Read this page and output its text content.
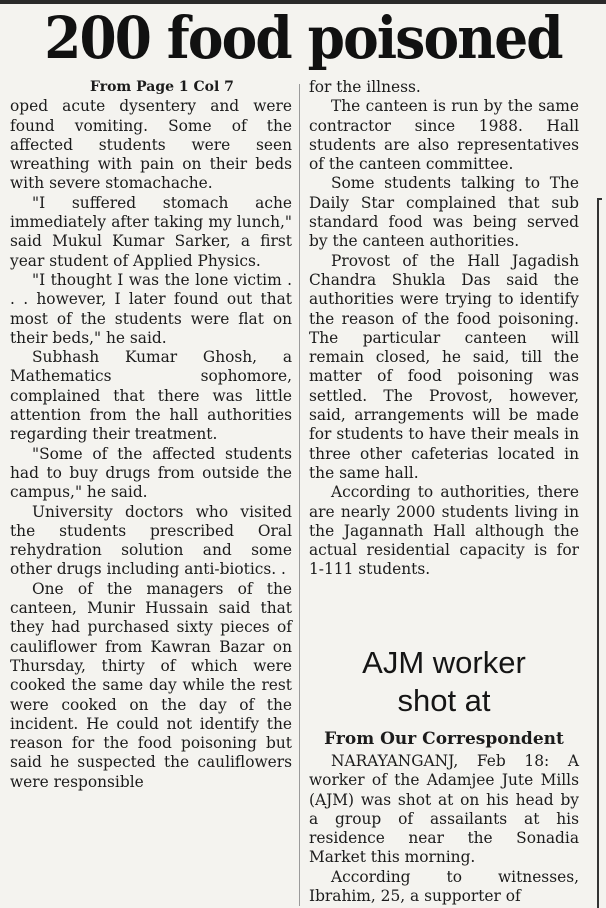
200 food poisoned

From Page 1 Col 7

oped acute dysentery and were found vomiting. Some of the affected students were seen wreathing with pain on their beds with severe stomachache.

"I suffered stomach ache immediately after taking my lunch," said Mukul Kumar Sarker, a first year student of Applied Physics.

"I thought I was the lone victim . . . however, I later found out that most of the students were flat on their beds," he said.

Subhash Kumar Ghosh, a Mathematics sophomore, complained that there was little attention from the hall authorities regarding their treatment.

"Some of the affected students had to buy drugs from outside the campus," he said.

University doctors who visited the students prescribed Oral rehydration solution and some other drugs including anti-biotics. .

One of the managers of the canteen, Munir Hussain said that they had purchased sixty pieces of cauliflower from Kawran Bazar on Thursday, thirty of which were cooked the same day while the rest were cooked on the day of the incident. He could not identify the reason for the food poisoning but said he suspected the cauliflowers were responsible

for the illness.

The canteen is run by the same contractor since 1988. Hall students are also representatives of the canteen committee.

Some students talking to The Daily Star complained that sub standard food was being served by the canteen authorities.

Provost of the Hall Jagadish Chandra Shukla Das said the authorities were trying to identify the reason of the food poisoning. The particular canteen will remain closed, he said, till the matter of food poisoning was settled. The Provost, however, said, arrangements will be made for students to have their meals in three other cafeterias located in the same hall.

According to authorities, there are nearly 2000 students living in the Jagannath Hall although the actual residential capacity is for 1-111 students.

AJM worker
shot at
From Our Correspondent

NARAYANGANJ, Feb 18: A worker of the Adamjee Jute Mills (AJM) was shot at on his head by a group of assailants at his residence near the Sonadia Market this morning.

According to witnesses, Ibrahim, 25, a supporter of
